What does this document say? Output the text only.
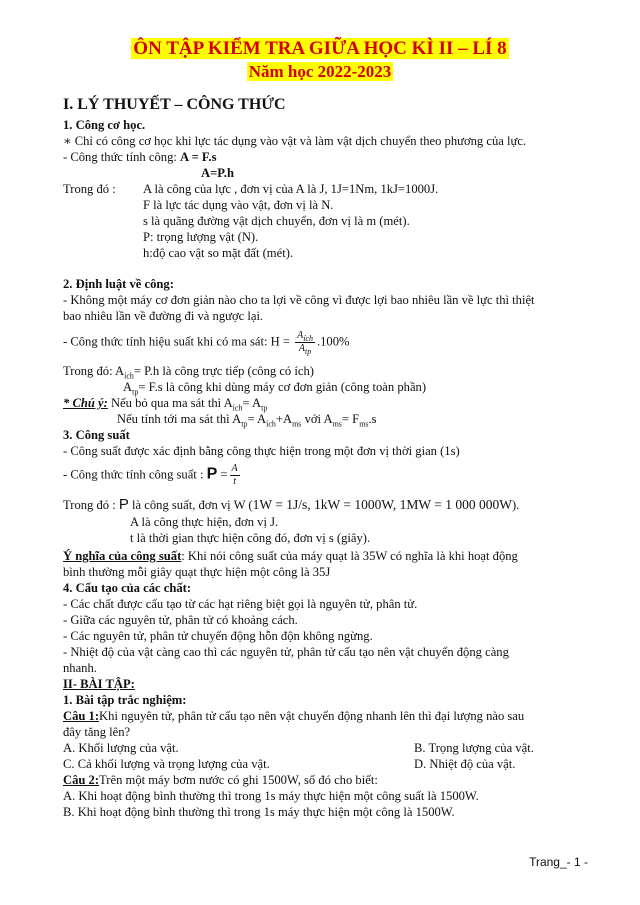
ÔN TẬP KIỂM TRA GIỮA HỌC KÌ II – LÍ 8
Năm học 2022-2023
I. LÝ THUYẾT – CÔNG THỨC
1. Công cơ học.
∗ Chỉ có công cơ học khi lực tác dụng vào vật và làm vật dịch chuyển theo phương của lực.
- Công thức tính công: A = F.s
A=P.h
Trong đó : A là công của lực , đơn vị của A là J, 1J=1Nm, 1kJ=1000J.
F là lực tác dụng vào vật, đơn vị là N.
s là quãng đường vật dịch chuyển, đơn vị là m (mét).
P: trọng lượng vật (N).
h:độ cao vật so mặt đất (mét).
2. Định luật về công:
- Không một máy cơ đơn giản nào cho ta lợi về công vì được lợi bao nhiêu lần về lực thì thiệt
bao nhiêu lần về đường đi và ngược lại.
- Công thức tính hiệu suất khi có ma sát: $H = \frac{A_{ích}}{A_{tp}} .100\%$
Trong đó: $A_{ích}= P.h$ là công trực tiếp (công có ích)
$A_{tp}= F.s$ là công khi dùng máy cơ đơn giản (công toàn phần)
* Chú ý: Nếu bỏ qua ma sát thì $A_{ích}= A_{tp}$
Nếu tính tới ma sát thì $A_{tp}= A_{ích}+A_{ms}$ với $A_{ms}= F_{ms}.s$
3. Công suất
- Công suất được xác định bằng công thực hiện trong một đơn vị thời gian (1s)
- Công thức tính công suất : $P = \frac{A}{t}$
Trong đó : P là công suất, đơn vị W (1W = 1J/s, 1kW = 1000W, 1MW = 1 000 000W).
A là công thực hiện, đơn vị J.
t là thời gian thực hiện công đó, đơn vị s (giây).
Ý nghĩa của công suất: Khi nói công suất của máy quạt là 35W có nghĩa là khi hoạt động
bình thường mỗi giây quạt thực hiện một công là 35J
4. Cấu tạo của các chất:
- Các chất được cấu tạo từ các hạt riêng biệt gọi là nguyên tử, phân tử.
- Giữa các nguyên tử, phân tử có khoảng cách.
- Các nguyên tử, phân tử chuyển động hỗn độn không ngừng.
- Nhiệt độ của vật càng cao thì các nguyên tử, phân tử cấu tạo nên vật chuyển động càng
nhanh.
II- BÀI TẬP:
1. Bài tập trắc nghiệm:
Câu 1:Khi nguyên tử, phân tử cấu tạo nên vật chuyển động nhanh lên thì đại lượng nào sau
đây tăng lên?
A. Khối lượng của vật.	B. Trọng lượng của vật.
C. Cả khối lượng và trọng lượng của vật.	D. Nhiệt độ của vật.
Câu 2:Trên một máy bơm nước có ghi 1500W, số đó cho biết:
A. Khi hoạt động bình thường thì trong 1s máy thực hiện một công suất là 1500W.
B. Khi hoạt động bình thường thì trong 1s máy thực hiện một công là 1500W.
Trang_- 1 -
